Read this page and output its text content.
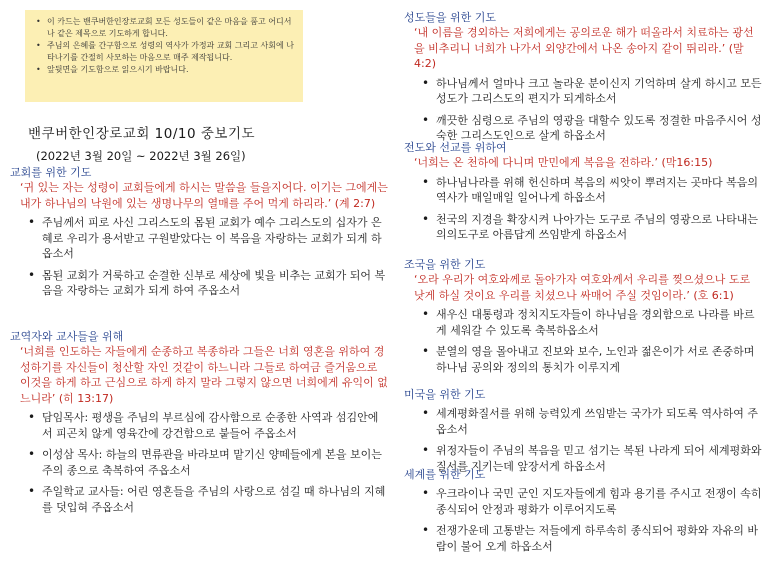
• 이 카드는 밴쿠버한인장로교회 모든 성도들이 같은 마음을 품고 어디서나 같은 제목으로 기도하게 합니다.
• 주님의 은혜를 간구함으로 성령의 역사가 가정과 교회 그리고 사회에 나타나기를 간절히 사모하는 마음으로 매주 제작됩니다.
• 앞뒷면을 기도함으로 읽으시기 바랍니다.
밴쿠버한인장로교회 10/10 중보기도
(2022년 3월 20일 ~ 2022년 3월 26일)
교회를 위한 기도
‘귀 있는 자는 성령이 교회들에게 하시는 말씀을 들을지어다. 이기는 그에게는 내가 하나님의 낙원에 있는 생명나무의 열매를 주어 먹게 하리라.’ (계 2:7)
• 주님께서 피로 사신 그리스도의 몸된 교회가 예수 그리스도의 십자가 은혜로 우리가 용서받고 구원받았다는 이 복음을 자랑하는 교회가 되게 하옵소서
• 몸된 교회가 거룩하고 순결한 신부로 세상에 빛을 비추는 교회가 되어 복음을 자랑하는 교회가 되게 하여 주옵소서
교역자와 교사들을 위해
‘너희를 인도하는 자들에게 순종하고 복종하라 그들은 너희 영혼을 위하여 경성하기를 자신들이 청산할 자인 것같이 하느니라 그들로 하여금 즐거움으로 이것을 하게 하고 근심으로 하게 하지 말라 그렇지 않으면 너희에게 유익이 없느니라’ (히 13:17)
• 담임목사: 평생을 주님의 부르심에 감사함으로 순종한 사역과 섬김안에서 피곤치 않게 영육간에 강건함으로 붙들어 주옵소서
• 이성삼 목사: 하늘의 면류관을 바라보며 맡기신 양떼들에게 본을 보이는 주의 종으로 축복하여 주옵소서
• 주일학교 교사들: 어린 영혼들을 주님의 사랑으로 섬길 때 하나님의 지혜를 덧입혀 주옵소서
성도들을 위한 기도
‘내 이름을 경외하는 저희에게는 공의로운 해가 떠올라서 치료하는 광선을 비추리니 너희가 나가서 외양간에서 나온 송아지 같이 뛰리라.’ (말 4:2)
• 하나님께서 얼마나 크고 놀라운 분이신지 기억하며 살게 하시고 모든 성도가 그리스도의 편지가 되게하소서
• 깨끗한 심령으로 주님의 영광을 대할수 있도록 정결한 마음주시어 성숙한 그리스도인으로 살게 하옵소서
전도와 선교를 위하여
‘너희는 온 천하에 다니며 만민에게 복음을 전하라.’ (막16:15)
• 하나님나라를 위해 헌신하며 복음의 씨앗이 뿌려지는 곳마다 복음의 역사가 매일매일 일어나게 하옵소서
• 천국의 지경을 확장시켜 나아가는 도구로 주님의 영광으로 나타내는 의의도구로 아름답게 쓰임받게 하옵소서
조국을 위한 기도
‘오라 우리가 여호와께로 돌아가자 여호와께서 우리를 찢으셨으나 도로 낫게 하실 것이요 우리를 치셨으나 싸매어 주실 것임이라.’ (호 6:1)
• 새우신 대통령과 정치지도자들이 하나님을 경외함으로 나라를 바르게 세워갈 수 있도록 축복하옵소서
• 분열의 영을 몰아내고 진보와 보수, 노인과 젊은이가 서로 존중하며 하나님 공의와 정의의 통치가 이루지게
미국을 위한 기도
• 세계평화질서를 위해 능력있게 쓰임받는 국가가 되도록 역사하여 주옵소서
• 위정자들이 주님의 복음을 믿고 섬기는 복된 나라게 되어 세계평화와 질서를 지키는데 앞장서게 하옵소서
세계를 위한 기도
• 우크라이나 국민 군인 지도자들에게 힘과 용기를 주시고 전쟁이 속히 종식되어 안정과 평화가 이루어지도록
• 전쟁가운데 고통받는 저들에게 하루속히 종식되어 평화와 자유의 바람이 불어 오게 하옵소서
